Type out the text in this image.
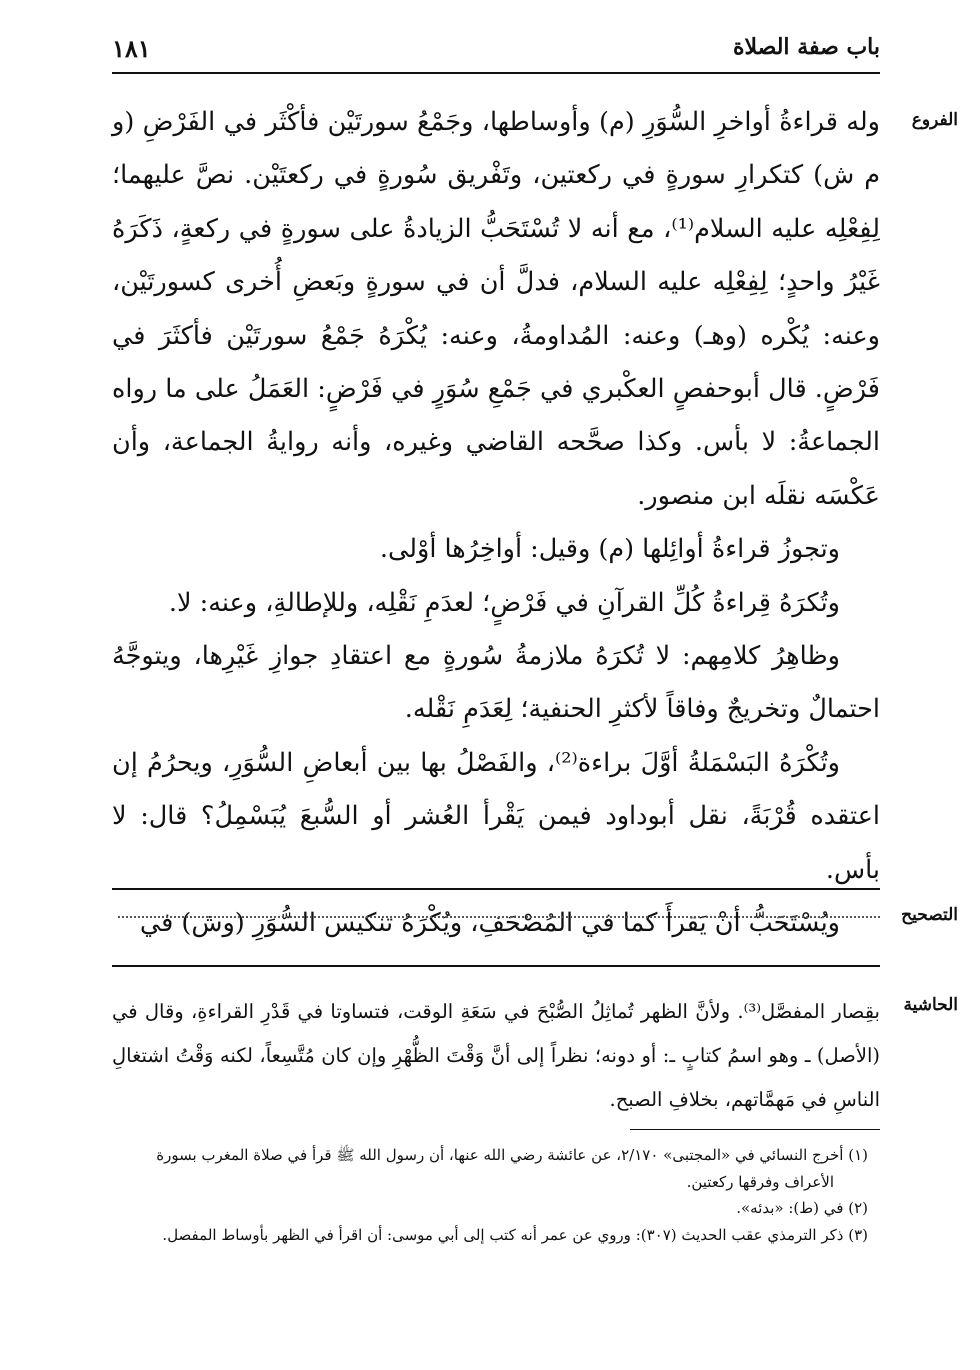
باب صفة الصلاة
١٨١
الفروع

وله قراءةُ أواخرِ السُّوَرِ (م) وأوساطها، وجَمْعُ سورتَيْن فأكْثَر في الفَرْضِ (و م ش) كتكرارِ سورةٍ في ركعتين، وتَفْريق سُورةٍ في ركعتَيْن. نصَّ عليهما؛ لِفِعْلِه عليه السلام⁽¹⁾، مع أنه لا تُسْتَحَبُّ الزيادةُ على سورةٍ في ركعةٍ، ذَكَرَهُ غَيْرُ واحدٍ؛ لِفِعْلِه عليه السلام، فدلَّ أن في سورةٍ وبَعضِ أُخرى كسورتَيْن، وعنه: يُكْره (وهـ) وعنه: المُداومةُ، وعنه: يُكْرَهُ جَمْعُ سورتَيْن فأكثَرَ في فَرْضٍ. قال أبوحفصٍ العكْبري في جَمْعِ سُوَرٍ في فَرْضٍ: العَمَلُ على ما رواه الجماعةُ: لا بأس. وكذا صحَّحه القاضي وغيره، وأنه روايةُ الجماعة، وأن عَكْسَه نقلَه ابن منصور.

وتجوزُ قراءةُ أوائِلها (م) وقيل: أواخِرُها أوْلى.

وتُكرَهُ قِراءةُ كُلِّ القرآنِ في فَرْضٍ؛ لعدَمِ نَقْلِه، وللإطالةِ، وعنه: لا.

وظاهِرُ كلامِهم: لا تُكرَهُ ملازمةُ سُورةٍ مع اعتقادِ جوازِ غَيْرِها، ويتوجَّهُ احتمالٌ وتخريجٌ وفاقاً لأكثرِ الحنفية؛ لِعَدَمِ نَقْله.

وتُكْرَهُ البَسْمَلةُ أوَّلَ براءة⁽²⁾، والفَصْلُ بها بين أبعاضِ السُّوَرِ، ويحرُمُ إن اعتقده قُرْبَةً، نقل أبوداود فيمن يَقْرأ العُشر أو السُّبعَ يُبَسْمِلُ؟ قال: لا بأس.

ويُسْتَحَبُّ أنْ يَقرأَ كما في المُصْحَفِ، ويُكْرَهُ تنكيس السُّوَرِ (وش) في	التصحيح
الحاشية

بقِصار المفصَّل⁽³⁾. ولأنَّ الظهر تُماثِلُ الصُّبْحَ في سَعَةِ الوقت، فتساوتا في قَدْرِ القراءةِ، وقال في (الأصل) ـ وهو اسمُ كتابٍ ـ: أو دونه؛ نظراً إلى أنَّ وَقْتَ الظُّهْرِ وإن كان مُتَّسِعاً، لكنه وَقْتُ اشتغالِ الناسِ في مَهمَّاتهم، بخلافِ الصبح.

(١) أخرج النسائي في «المجتبى» ٢/١٧٠، عن عائشة رضي الله عنها، أن رسول الله ﷺ قرأ في صلاة المغرب بسورة

الأعراف وفرقها ركعتين.

(٢) في (ط): «بدئه».

(٣) ذكر الترمذي عقب الحديث (٣٠٧): وروي عن عمر أنه كتب إلى أبي موسى: أن اقرأ في الظهر بأوساط المفصل.
